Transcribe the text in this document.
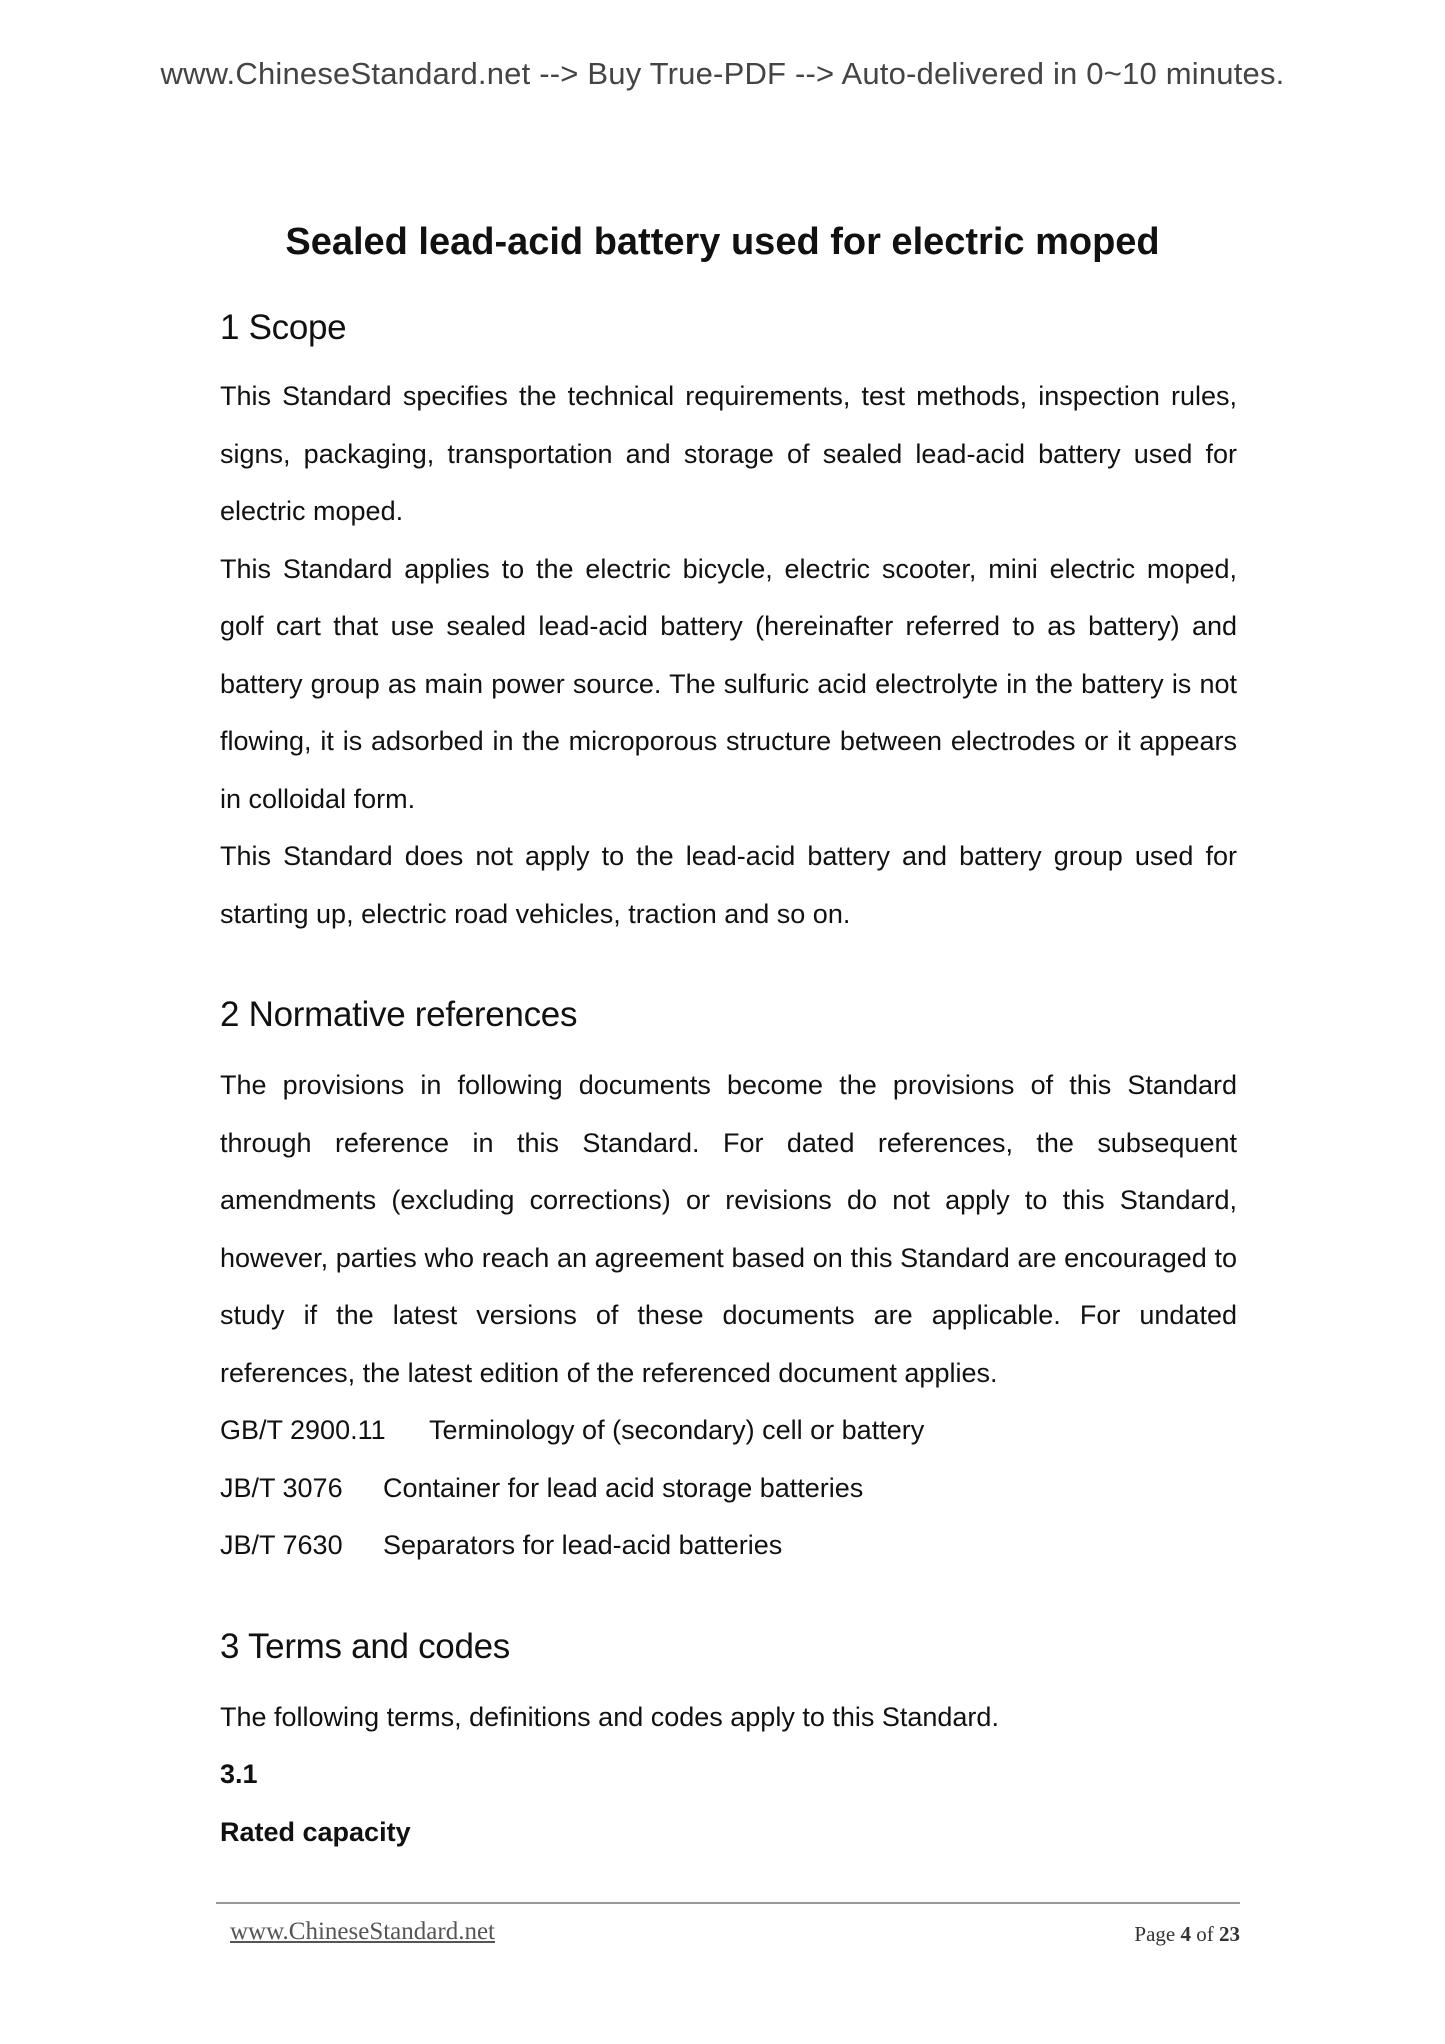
www.ChineseStandard.net --> Buy True-PDF --> Auto-delivered in 0~10 minutes.
Sealed lead-acid battery used for electric moped
1 Scope

This Standard specifies the technical requirements, test methods, inspection rules, signs, packaging, transportation and storage of sealed lead-acid battery used for electric moped.

This Standard applies to the electric bicycle, electric scooter, mini electric moped, golf cart that use sealed lead-acid battery (hereinafter referred to as battery) and battery group as main power source. The sulfuric acid electrolyte in the battery is not flowing, it is adsorbed in the microporous structure between electrodes or it appears in colloidal form.

This Standard does not apply to the lead-acid battery and battery group used for starting up, electric road vehicles, traction and so on.

2 Normative references

The provisions in following documents become the provisions of this Standard through reference in this Standard. For dated references, the subsequent amendments (excluding corrections) or revisions do not apply to this Standard, however, parties who reach an agreement based on this Standard are encouraged to study if the latest versions of these documents are applicable. For undated references, the latest edition of the referenced document applies.

GB/T 2900.11 Terminology of (secondary) cell or battery

JB/T 3076 Container for lead acid storage batteries

JB/T 7630 Separators for lead-acid batteries

3 Terms and codes

The following terms, definitions and codes apply to this Standard.

3.1

Rated capacity

www.ChineseStandard.net	Page 4 of 23
